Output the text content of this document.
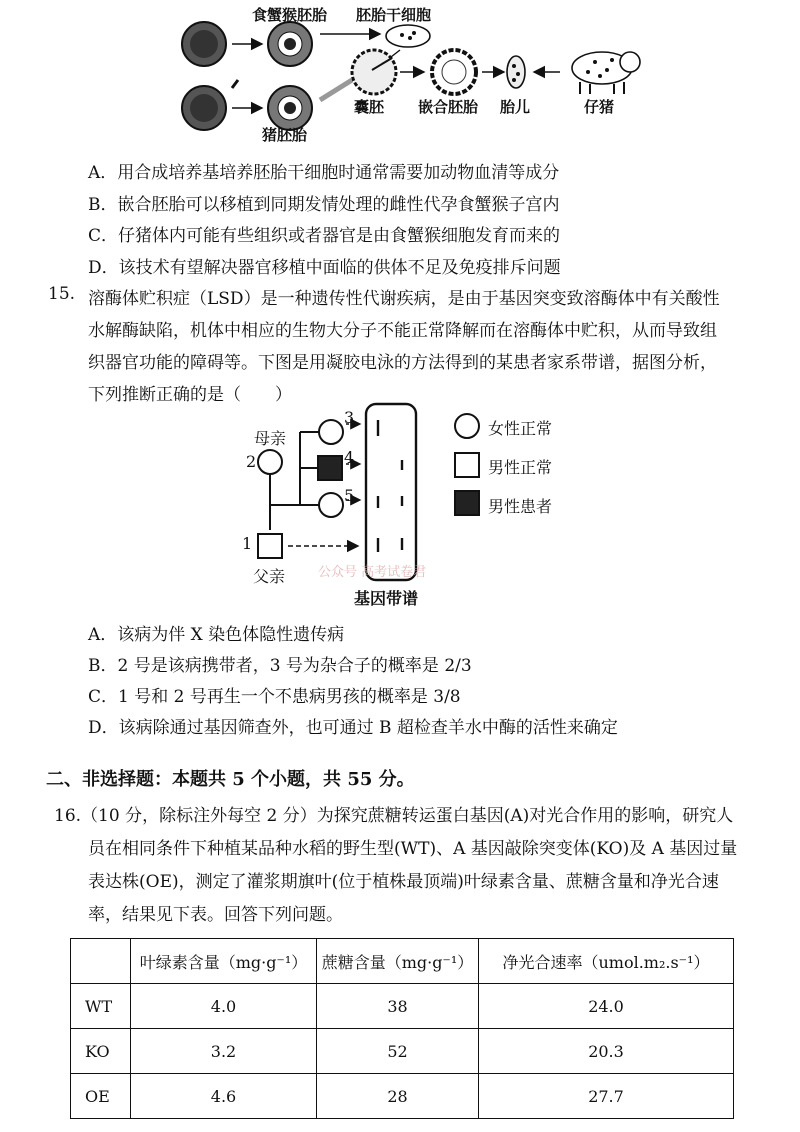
食蟹猴胚胎 胚胎干细胞
猪胚胎
囊胚 嵌合胚胎 胎儿	仔猪
A．用合成培养基培养胚胎干细胞时通常需要加动物血清等成分
B．嵌合胚胎可以移植到同期发情处理的雌性代孕食蟹猴子宫内
C．仔猪体内可能有些组织或者器官是由食蟹猴细胞发育而来的
D．该技术有望解决器官移植中面临的供体不足及免疫排斥问题
15. 溶酶体贮积症（LSD）是一种遗传性代谢疾病，是由于基因突变致溶酶体中有关酸性
水解酶缺陷，机体中相应的生物大分子不能正常降解而在溶酶体中贮积，从而导致组
织器官功能的障碍等。下图是用凝胶电泳的方法得到的某患者家系带谱，据图分析，
下列推断正确的是（　　）
母亲
父亲
2
1
3
4
5
女性正常
男性正常
男性患者
基因带谱
公众号 高考试卷君
A．该病为伴 X 染色体隐性遗传病
B．2 号是该病携带者，3 号为杂合子的概率是 2/3
C．1 号和 2 号再生一个不患病男孩的概率是 3/8
D．该病除通过基因筛查外，也可通过 B 超检查羊水中酶的活性来确定
二、非选择题：本题共 5 个小题，共 55 分。
16.（10 分，除标注外每空 2 分）为探究蔗糖转运蛋白基因(A)对光合作用的影响，研究人
员在相同条件下种植某品种水稻的野生型(WT)、A 基因敲除突变体(KO)及 A 基因过量
表达株(OE)，测定了灌浆期旗叶(位于植株最顶端)叶绿素含量、蔗糖含量和净光合速
率，结果见下表。回答下列问题。
	叶绿素含量（mg·g⁻¹）	蔗糖含量（mg·g⁻¹）	净光合速率（umol.m₂.s⁻¹）
WT	4.0	38	24.0
KO	3.2	52	20.3
OE	4.6	28	27.7
